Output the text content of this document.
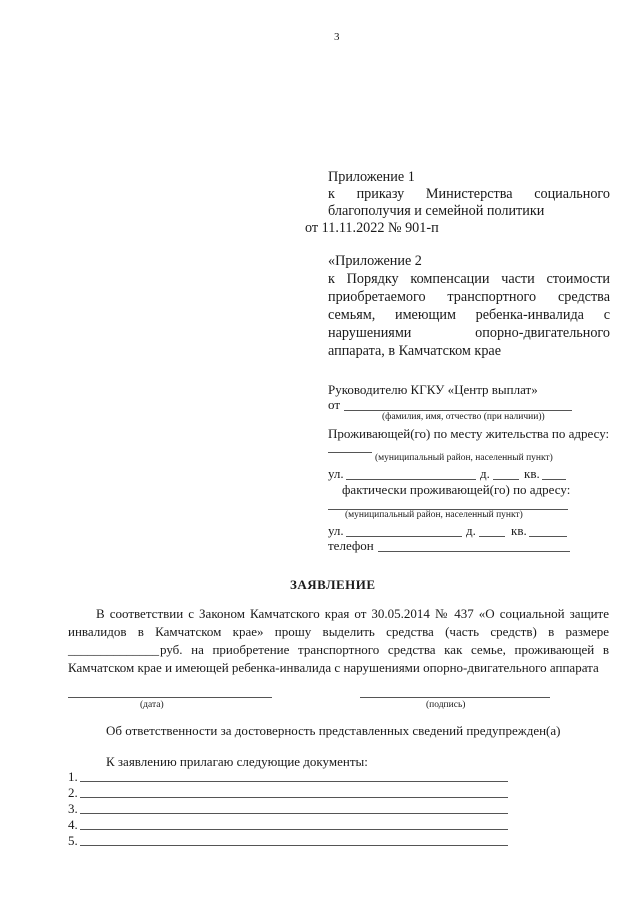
3
Приложение 1
к приказу Министерства социального
благополучия и семейной политики
от 11.11.2022 № 901-п
«Приложение 2
к Порядку компенсации части стоимости
приобретаемого транспортного средства
семьям, имеющим ребенка-инвалида с
нарушениями опорно-двигательного
аппарата, в Камчатском крае
Руководителю КГКУ «Центр выплат»
от
(фамилия, имя, отчество (при наличии))
Проживающей(го) по месту жительства по адресу:
(муниципальный район, населенный пункт)
ул.	д.	кв.
фактически проживающей(го) по адресу:
(муниципальный район, населенный пункт)
ул.	д.	кв.
телефон
ЗАЯВЛЕНИЕ
В соответствии с Законом Камчатского края от 30.05.2014 № 437 «О социальной защите
инвалидов в Камчатском крае» прошу выделить средства (часть средств) в размере
______________ руб. на приобретение транспортного средства как семье, проживающей в
Камчатском крае и имеющей ребенка-инвалида с нарушениями опорно-двигательного аппарата
(дата)	(подпись)
Об ответственности за достоверность представленных сведений предупрежден(а)
К заявлению прилагаю следующие документы:
1.
2.
3.
4.
5.
